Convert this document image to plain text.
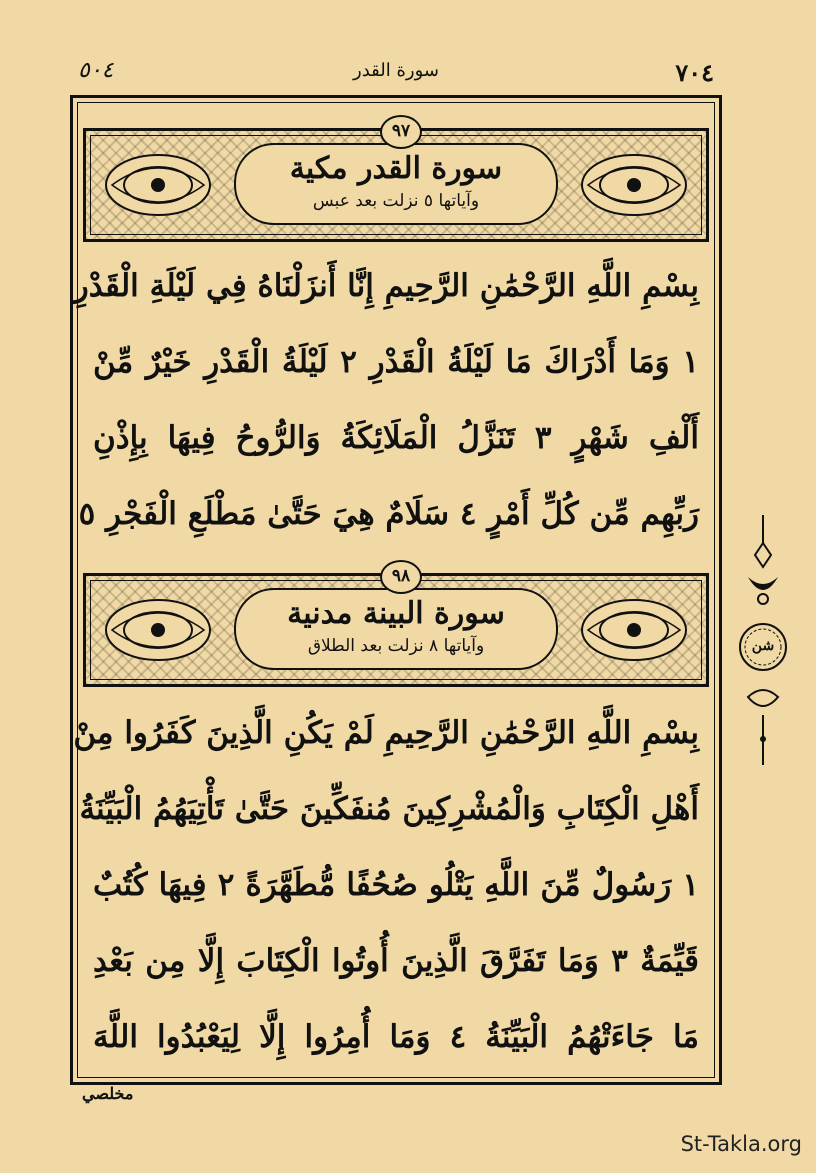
٥٠٤	سورة القدر	٧٠٤
٩٧
سورة القدر مكية
وآياتها ٥ نزلت بعد عبس
بِسْمِ اللَّهِ الرَّحْمَٰنِ الرَّحِيمِ إِنَّا أَنزَلْنَاهُ فِي لَيْلَةِ الْقَدْرِ
١ وَمَا أَدْرَاكَ مَا لَيْلَةُ الْقَدْرِ ٢ لَيْلَةُ الْقَدْرِ خَيْرٌ مِّنْ
أَلْفِ شَهْرٍ ٣ تَنَزَّلُ الْمَلَائِكَةُ وَالرُّوحُ فِيهَا بِإِذْنِ
رَبِّهِم مِّن كُلِّ أَمْرٍ ٤ سَلَامٌ هِيَ حَتَّىٰ مَطْلَعِ الْفَجْرِ ٥
٩٨
سورة البينة مدنية
وآياتها ٨ نزلت بعد الطلاق
بِسْمِ اللَّهِ الرَّحْمَٰنِ الرَّحِيمِ لَمْ يَكُنِ الَّذِينَ كَفَرُوا مِنْ
أَهْلِ الْكِتَابِ وَالْمُشْرِكِينَ مُنفَكِّينَ حَتَّىٰ تَأْتِيَهُمُ الْبَيِّنَةُ
١ رَسُولٌ مِّنَ اللَّهِ يَتْلُو صُحُفًا مُّطَهَّرَةً ٢ فِيهَا كُتُبٌ
قَيِّمَةٌ ٣ وَمَا تَفَرَّقَ الَّذِينَ أُوتُوا الْكِتَابَ إِلَّا مِن بَعْدِ
مَا جَاءَتْهُمُ الْبَيِّنَةُ ٤ وَمَا أُمِرُوا إِلَّا لِيَعْبُدُوا اللَّهَ
شن
مخلصي
St-Takla.org
